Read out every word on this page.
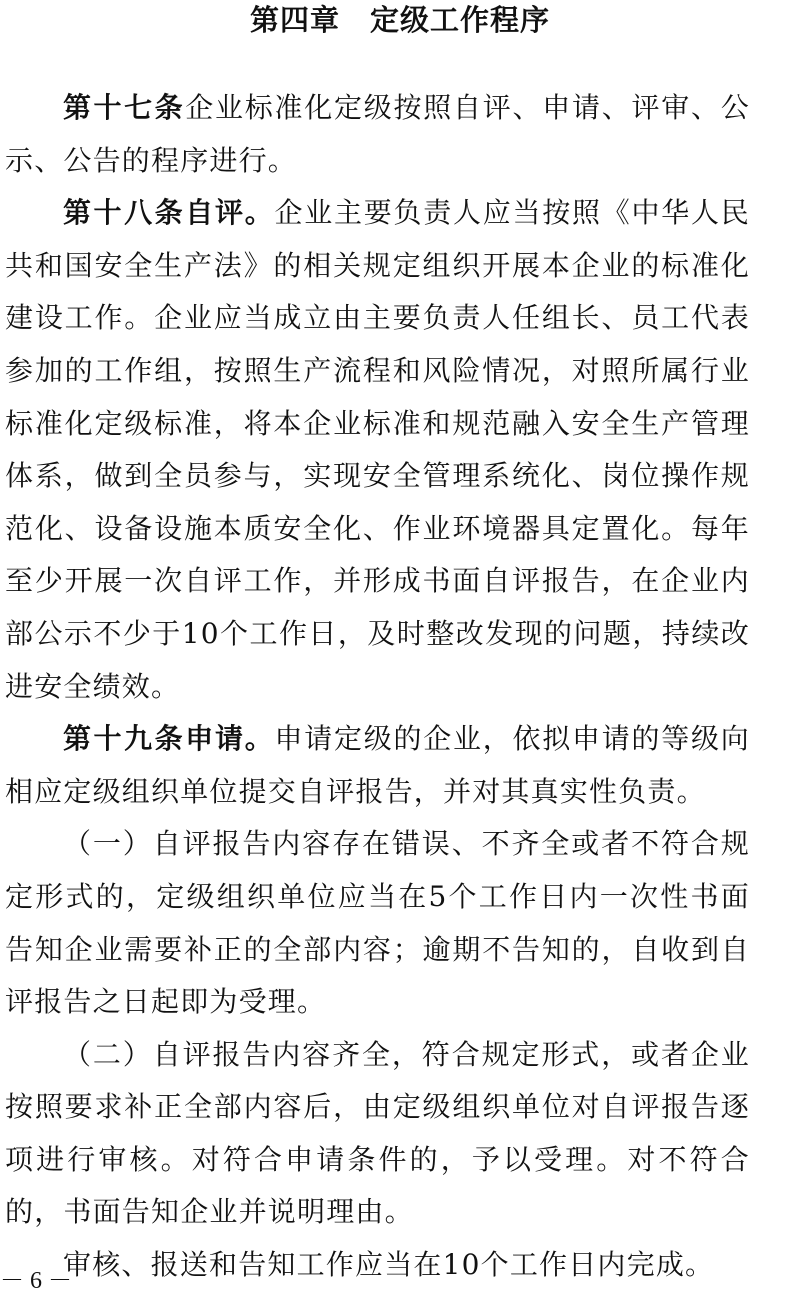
第四章 定级工作程序

第十七条企业标准化定级按照自评、申请、评审、公示、公告的程序进行。

第十八条自评。企业主要负责人应当按照《中华人民共和国安全生产法》的相关规定组织开展本企业的标准化建设工作。企业应当成立由主要负责人任组长、员工代表参加的工作组，按照生产流程和风险情况，对照所属行业标准化定级标准，将本企业标准和规范融入安全生产管理体系，做到全员参与，实现安全管理系统化、岗位操作规范化、设备设施本质安全化、作业环境器具定置化。每年至少开展一次自评工作，并形成书面自评报告，在企业内部公示不少于10个工作日，及时整改发现的问题，持续改进安全绩效。

第十九条申请。申请定级的企业，依拟申请的等级向相应定级组织单位提交自评报告，并对其真实性负责。

（一）自评报告内容存在错误、不齐全或者不符合规定形式的，定级组织单位应当在5个工作日内一次性书面告知企业需要补正的全部内容；逾期不告知的，自收到自评报告之日起即为受理。

（二）自评报告内容齐全，符合规定形式，或者企业按照要求补正全部内容后，由定级组织单位对自评报告逐项进行审核。对符合申请条件的，予以受理。对不符合的，书面告知企业并说明理由。

审核、报送和告知工作应当在10个工作日内完成。

－ 6 －
